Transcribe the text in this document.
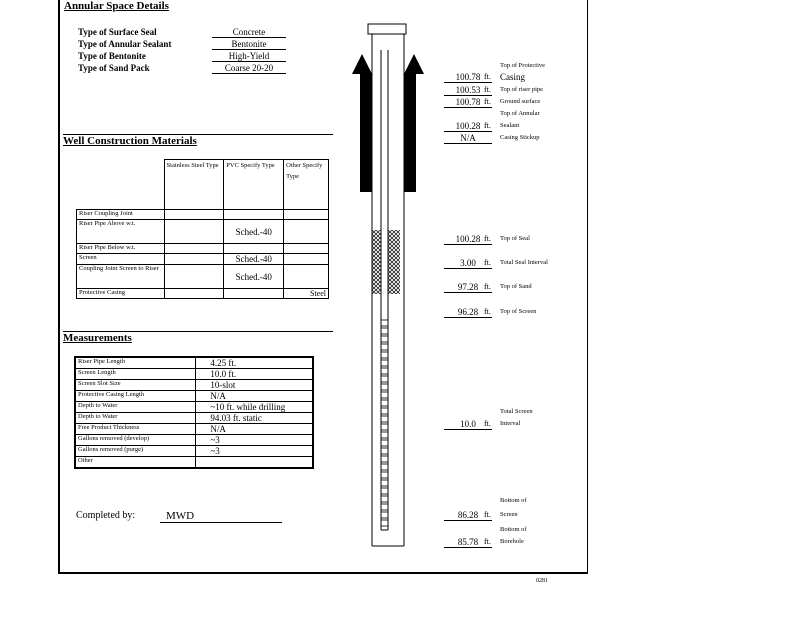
Annular Space Details
Type of Surface Seal	Concrete
Type of Annular Sealant	Bentonite
Type of Bentonite	High-Yield
Type of Sand Pack	Coarse 20-20
Well Construction Materials
	Stainless Steel Type	PVC Specify Type	Other Specify Type
Riser Coupling Joint			
Riser Pipe Above w.t.		Sched.-40	
Riser Pipe Below w.t.			
Screen		Sched.-40	
Coupling Joint Screen to Riser		Sched.-40	
Protective Casing			Steel
Measurements
Riser Pipe Length	4.25 ft.
Screen Length	10.0 ft.
Screen Slot Size	10-slot
Protective Casing Length	N/A
Depth to Water	~10 ft. while drilling
Depth to Water	94.03 ft. static
Free Product Thickness	N/A
Gallons removed (develop)	~3
Gallons removed (purge)	~3
Other	
Completed by:	MWD
100.78 ft.
Top of Protective
Casing
100.53 ft. Top of riser pipe
100.78 ft. Ground surface
Top of Annular
100.28 ft. Sealant
N/A	Casing Stickup
100.28 ft. Top of Seal
3.00	ft. Total Seal Interval
97.28 ft. Top of Sand
96.28 ft. Top of Screen
Total Screen
10.0	ft. Interval
Bottom of
86.28 ft. Screen
Bottom of
85.78 ft. Borehole
0281
